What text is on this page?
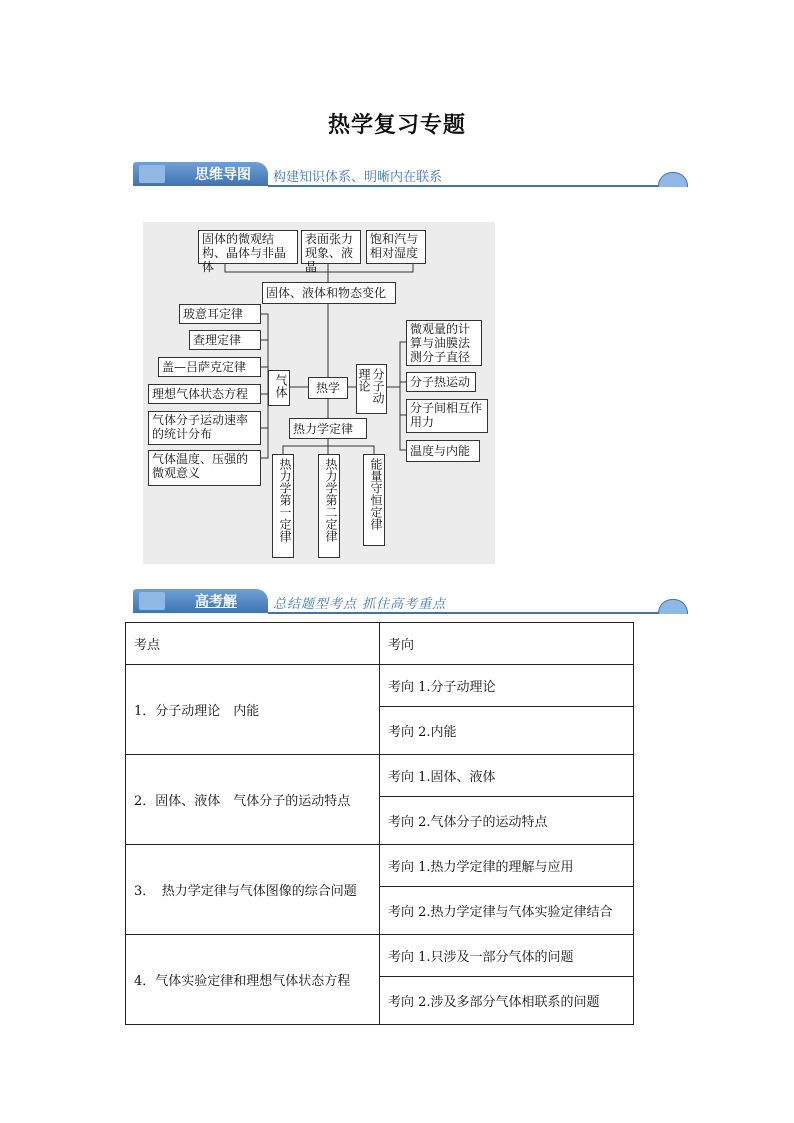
热学复习专题
思维导图 构建知识体系、明晰内在联系
固体的微观结构、晶体与非晶体
表面张力现象、液晶
饱和汽与相对湿度
固体、液体和物态变化
玻意耳定律
查理定律
盖—吕萨克定律
理想气体状态方程
气体分子运动速率的统计分布
气体温度、压强的微观意义
气体	热学	分子动理论
微观量的计算与油膜法测分子直径
分子热运动
分子间相互作用力
温度与内能
热力学定律
热力学第一定律	热力学第二定律	能量守恒定律
高考解	总结题型考点 抓住高考重点
考点	考向
1．分子动理论　内能	考向 1.分子动理论
	考向 2.内能
2．固体、液体　气体分子的运动特点	考向 1.固体、液体
	考向 2.气体分子的运动特点
3．　热力学定律与气体图像的综合问题	考向 1.热力学定律的理解与应用
	考向 2.热力学定律与气体实验定律结合
4．气体实验定律和理想气体状态方程	考向 1.只涉及一部分气体的问题
	考向 2.涉及多部分气体相联系的问题
